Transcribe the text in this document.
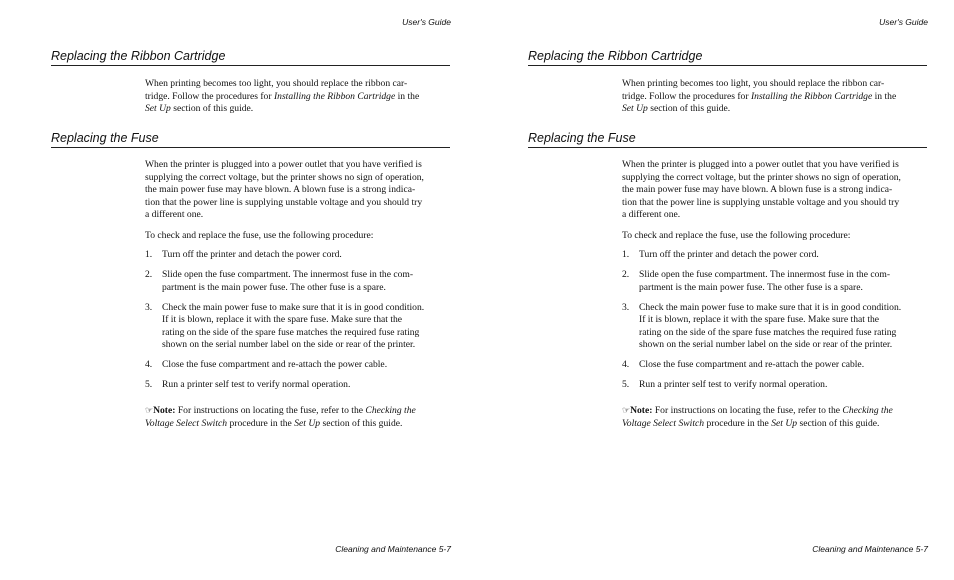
User's Guide
Replacing the Ribbon Cartridge

When printing becomes too light, you should replace the ribbon car-

tridge. Follow the procedures for Installing the Ribbon Cartridge in the

Set Up section of this guide.

Replacing the Fuse

When the printer is plugged into a power outlet that you have verified is

supplying the correct voltage, but the printer shows no sign of operation,

the main power fuse may have blown. A blown fuse is a strong indica-

tion that the power line is supplying unstable voltage and you should try

a different one.

To check and replace the fuse, use the following procedure:
1.	Turn off the printer and detach the power cord.
2.	Slide open the fuse compartment. The innermost fuse in the com-
partment is the main power fuse. The other fuse is a spare.
3.	Check the main power fuse to make sure that it is in good condition.
If it is blown, replace it with the spare fuse. Make sure that the
rating on the side of the spare fuse matches the required fuse rating
shown on the serial number label on the side or rear of the printer.
4.	Close the fuse compartment and re-attach the power cable.
5.	Run a printer self test to verify normal operation.
☞Note: For instructions on locating the fuse, refer to the Checking the
Voltage Select Switch procedure in the Set Up section of this guide.
Cleaning and Maintenance 5-7
User's Guide
Replacing the Ribbon Cartridge

When printing becomes too light, you should replace the ribbon car-

tridge. Follow the procedures for Installing the Ribbon Cartridge in the

Set Up section of this guide.

Replacing the Fuse

When the printer is plugged into a power outlet that you have verified is

supplying the correct voltage, but the printer shows no sign of operation,

the main power fuse may have blown. A blown fuse is a strong indica-

tion that the power line is supplying unstable voltage and you should try

a different one.

To check and replace the fuse, use the following procedure:
1.	Turn off the printer and detach the power cord.
2.	Slide open the fuse compartment. The innermost fuse in the com-
partment is the main power fuse. The other fuse is a spare.
3.	Check the main power fuse to make sure that it is in good condition.
If it is blown, replace it with the spare fuse. Make sure that the
rating on the side of the spare fuse matches the required fuse rating
shown on the serial number label on the side or rear of the printer.
4.	Close the fuse compartment and re-attach the power cable.
5.	Run a printer self test to verify normal operation.
☞Note: For instructions on locating the fuse, refer to the Checking the
Voltage Select Switch procedure in the Set Up section of this guide.
Cleaning and Maintenance 5-7
